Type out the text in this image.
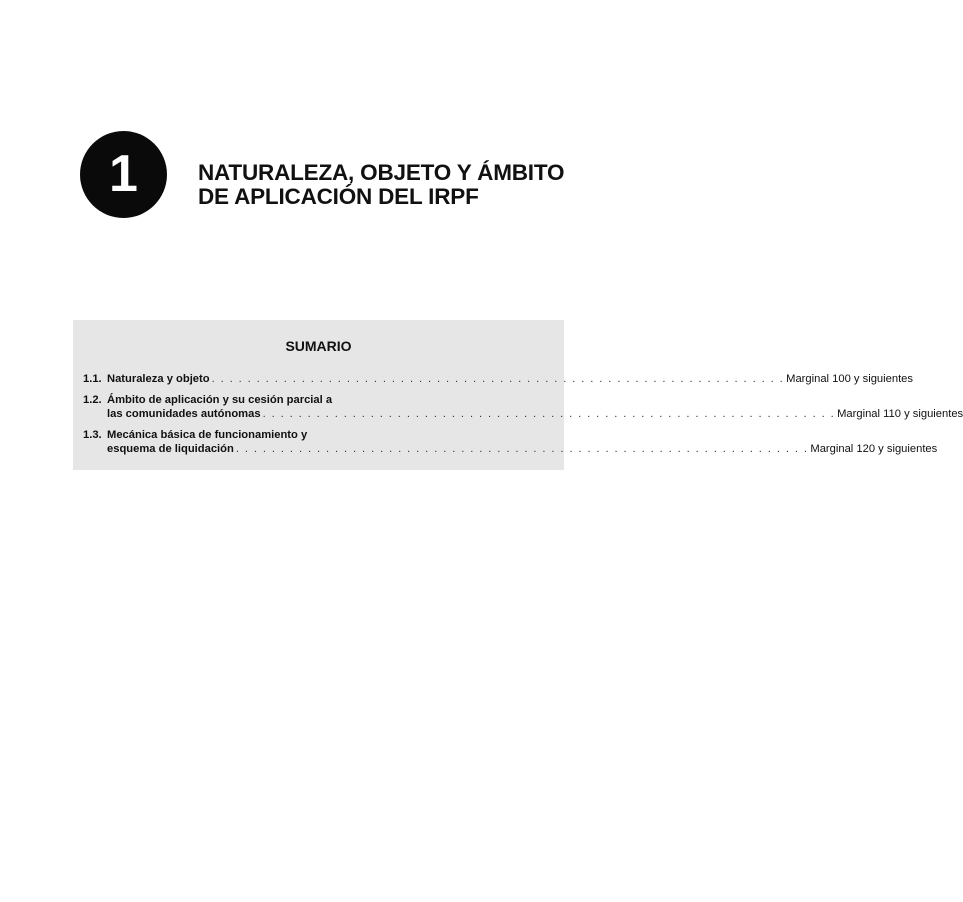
1	NATURALEZA, OBJETO Y ÁMBITO
DE APLICACIÓN DEL IRPF
SUMARIO
1.1. Naturaleza y objeto . . . . . . . . . . . . . . . . . . . . . . . . . . . . . . . . . . . . . . . . . . . . . . . . . . . . . . . . . . . . . . . . Marginal 100 y siguientes
1.2. Ámbito de aplicación y su cesión parcial a
las comunidades autónomas . . . . . . . . . . . . . . . . . . . . . . . . . . . . . . . . . . . . . . . . . . . . . . . . . . . . . . . . . . . . . . . . Marginal 110 y siguientes
1.3. Mecánica básica de funcionamiento y
esquema de liquidación . . . . . . . . . . . . . . . . . . . . . . . . . . . . . . . . . . . . . . . . . . . . . . . . . . . . . . . . . . . . . . . . Marginal 120 y siguientes
